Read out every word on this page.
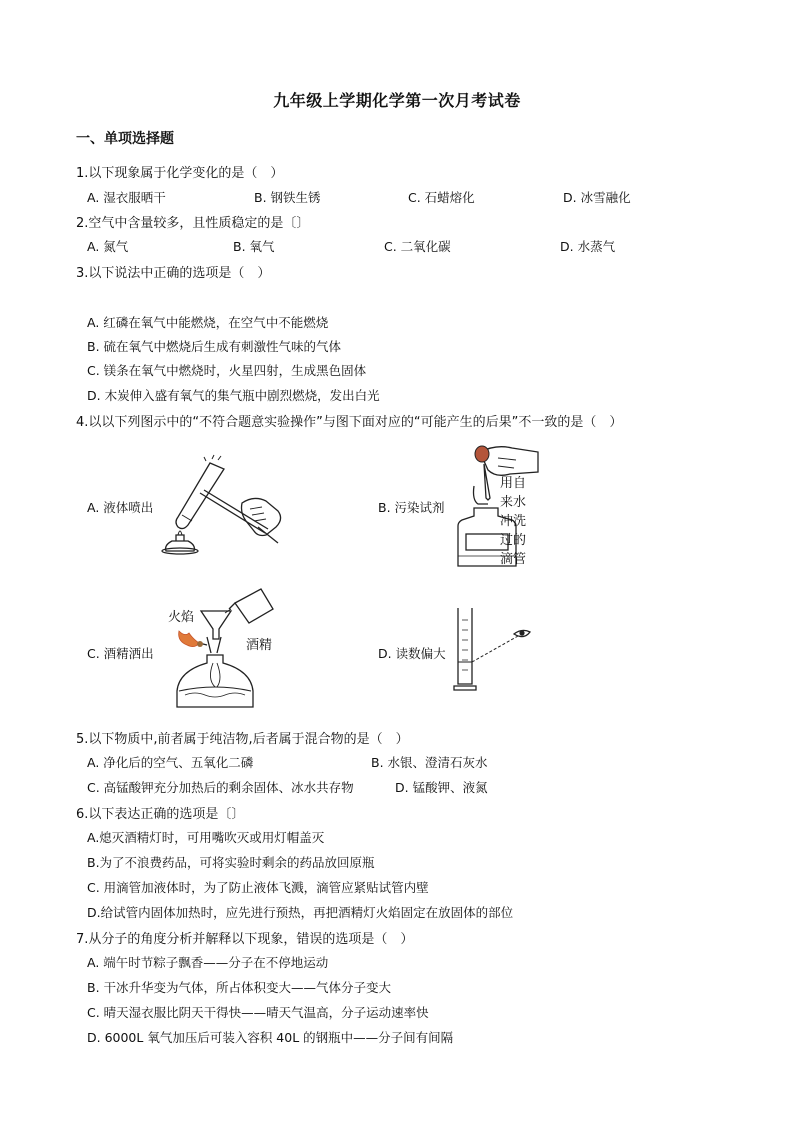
九年级上学期化学第一次月考试卷
一、单项选择题
1.以下现象属于化学变化的是（　）
A. 湿衣服晒干	B. 钢铁生锈	C. 石蜡熔化	D. 冰雪融化
2.空气中含量较多，且性质稳定的是〔〕
A. 氮气	B. 氧气	C. 二氧化碳	D. 水蒸气
3.以下说法中正确的选项是（　）
A. 红磷在氧气中能燃烧，在空气中不能燃烧
B. 硫在氧气中燃烧后生成有刺激性气味的气体
C. 镁条在氧气中燃烧时，火星四射，生成黑色固体
D. 木炭伸入盛有氧气的集气瓶中剧烈燃烧，发出白光
4.以以下列图示中的“不符合题意实验操作”与图下面对应的“可能产生的后果”不一致的是（　）
A. 液体喷出	B. 污染试剂
用自来水冲洗过的滴管
C. 酒精洒出
火焰
酒精
D. 读数偏大
5.以下物质中,前者属于纯洁物,后者属于混合物的是（　）
A. 净化后的空气、五氧化二磷	B. 水银、澄清石灰水
C. 高锰酸钾充分加热后的剩余固体、冰水共存物	D. 锰酸钾、液氮
6.以下表达正确的选项是〔〕
A.熄灭酒精灯时，可用嘴吹灭或用灯帽盖灭
B.为了不浪费药品，可将实验时剩余的药品放回原瓶
C. 用滴管加液体时，为了防止液体飞溅，滴管应紧贴试管内壁
D.给试管内固体加热时，应先进行预热，再把酒精灯火焰固定在放固体的部位
7.从分子的角度分析并解释以下现象，错误的选项是（　）
A. 端午时节粽子飘香——分子在不停地运动
B. 干冰升华变为气体，所占体积变大——气体分子变大
C. 晴天湿衣服比阴天干得快——晴天气温高，分子运动速率快
D. 6000L 氧气加压后可装入容积 40L 的钢瓶中——分子间有间隔
